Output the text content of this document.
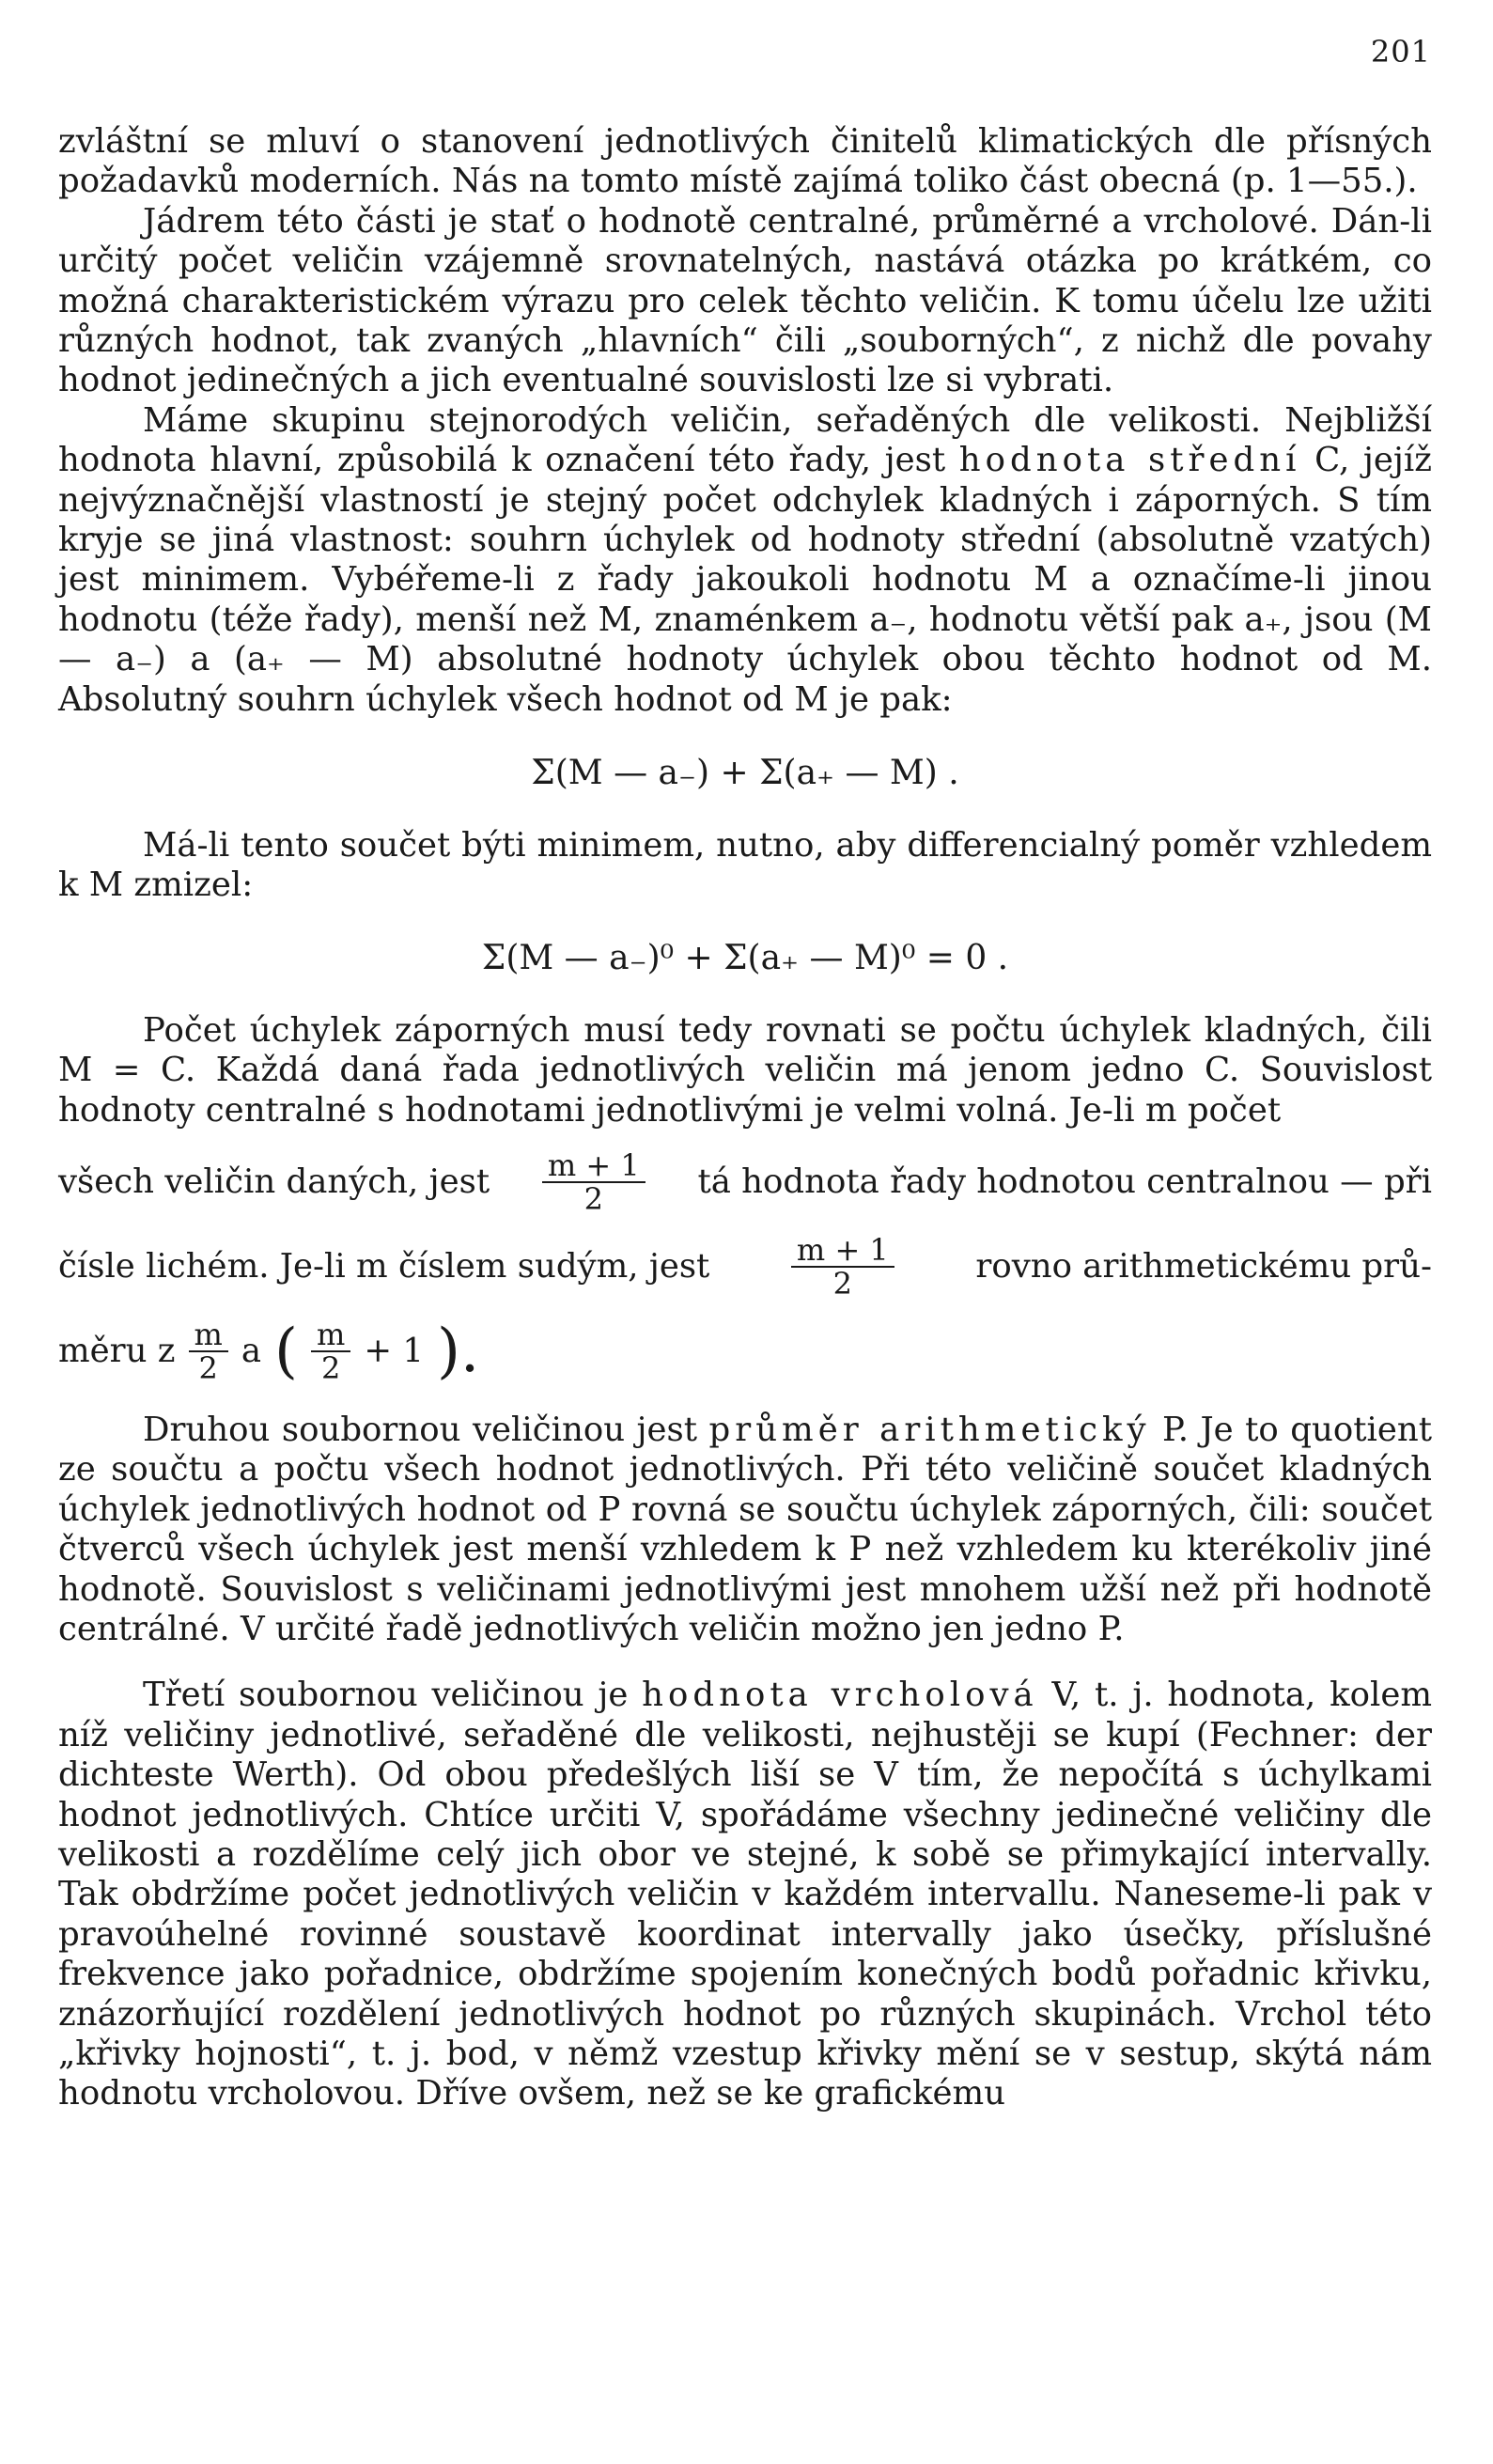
201

zvláštní se mluví o stanovení jednotlivých činitelů klimatických dle přísných požadavků moderních. Nás na tomto místě zajímá toliko část obecná (p. 1—55.).

Jádrem této části je stať o hodnotě centralné, průměrné a vrcholové. Dán-li určitý počet veličin vzájemně srovnatelných, nastává otázka po krátkém, co možná charakteristickém výrazu pro celek těchto veličin. K tomu účelu lze užiti různých hodnot, tak zvaných „hlavních“ čili „souborných“, z nichž dle povahy hodnot jedinečných a jich eventualné souvislosti lze si vybrati.

Máme skupinu stejnorodých veličin, seřaděných dle velikosti. Nejbližší hodnota hlavní, způsobilá k označení této řady, jest hodnota střední C, jejíž nejvýznačnější vlastností je stejný počet odchylek kladných i záporných. S tím kryje se jiná vlastnost: souhrn úchylek od hodnoty střední (absolutně vzatých) jest minimem. Vybéřeme-li z řady jakoukoli hodnotu M a označíme-li jinou hodnotu (téže řady), menší než M, znaménkem a₋, hodnotu větší pak a₊, jsou (M — a₋) a (a₊ — M) absolutné hodnoty úchylek obou těchto hodnot od M. Absolutný souhrn úchylek všech hodnot od M je pak:

Σ(M — a₋) + Σ(a₊ — M) .

Má-li tento součet býti minimem, nutno, aby differencialný poměr vzhledem k M zmizel:

Σ(M — a₋)⁰ + Σ(a₊ — M)⁰ = 0 .

Počet úchylek záporných musí tedy rovnati se počtu úchylek kladných, čili M = C. Každá daná řada jednotlivých veličin má jenom jedno C. Souvislost hodnoty centralné s hodnotami jednotlivými je velmi volná. Je-li m počet

všech veličin daných, jest $\frac{m + 1}{2}$ tá hodnota řady hodnotou centralnou — při
čísle lichém. Je-li m číslem sudým, jest	$\frac{m + 1}{2}$ rovno arithmetickému prů-
měru z $\frac{m}{2}$ a ( $\frac{m}{2} + 1$ ).

Druhou soubornou veličinou jest průměr arithmetický P. Je to quotient ze součtu a počtu všech hodnot jednotlivých. Při této veličině součet kladných úchylek jednotlivých hodnot od P rovná se součtu úchylek záporných, čili: součet čtverců všech úchylek jest menší vzhledem k P než vzhledem ku kterékoliv jiné hodnotě. Souvislost s veličinami jednotlivými jest mnohem užší než při hodnotě centrálné. V určité řadě jednotlivých veličin možno jen jedno P.

Třetí soubornou veličinou je hodnota vrcholová V, t. j. hodnota, kolem níž veličiny jednotlivé, seřaděné dle velikosti, nejhustěji se kupí (Fechner: der dichteste Werth). Od obou předešlých liší se V tím, že nepočítá s úchylkami hodnot jednotlivých. Chtíce určiti V, spořádáme všechny jedinečné veličiny dle velikosti a rozdělíme celý jich obor ve stejné, k sobě se přimykající intervally. Tak obdržíme počet jednotlivých veličin v každém intervallu. Naneseme-li pak v pravoúhelné rovinné soustavě koordinat intervally jako úsečky, příslušné frekvence jako pořadnice, obdržíme spojením konečných bodů pořadnic křivku, znázorňující rozdělení jednotlivých hodnot po různých skupinách. Vrchol této „křivky hojnosti“, t. j. bod, v němž vzestup křivky mění se v sestup, skýtá nám hodnotu vrcholovou. Dříve ovšem, než se ke grafickému
